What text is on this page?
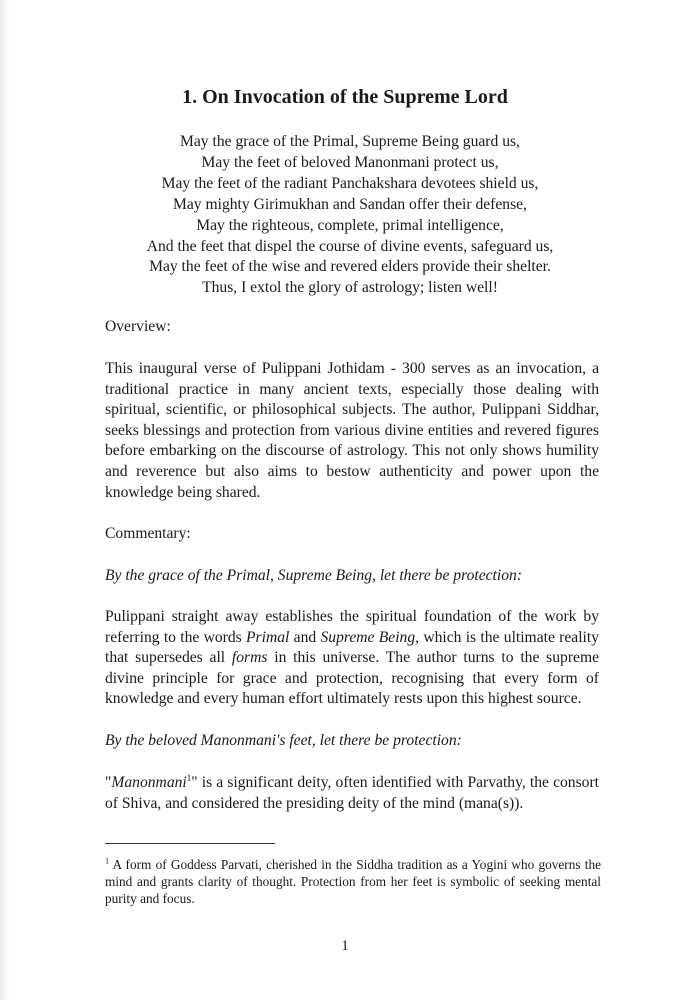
1. On Invocation of the Supreme Lord
May the grace of the Primal, Supreme Being guard us,
May the feet of beloved Manonmani protect us,
May the feet of the radiant Panchakshara devotees shield us,
May mighty Girimukhan and Sandan offer their defense,
May the righteous, complete, primal intelligence,
And the feet that dispel the course of divine events, safeguard us,
May the feet of the wise and revered elders provide their shelter.
Thus, I extol the glory of astrology; listen well!

Overview:

This inaugural verse of Pulippani Jothidam - 300 serves as an invocation, a traditional practice in many ancient texts, especially those dealing with spiritual, scientific, or philosophical subjects. The author, Pulippani Siddhar, seeks blessings and protection from various divine entities and revered figures before embarking on the discourse of astrology. This not only shows humility and reverence but also aims to bestow authenticity and power upon the knowledge being shared.

Commentary:

By the grace of the Primal, Supreme Being, let there be protection:

Pulippani straight away establishes the spiritual foundation of the work by referring to the words Primal and Supreme Being, which is the ultimate reality that supersedes all forms in this universe. The author turns to the supreme divine principle for grace and protection, recognising that every form of knowledge and every human effort ultimately rests upon this highest source.

By the beloved Manonmani's feet, let there be protection:

"Manonmani$^1$" is a significant deity, often identified with Parvathy, the consort of Shiva, and considered the presiding deity of the mind (mana(s)).

$^1$ A form of Goddess Parvati, cherished in the Siddha tradition as a Yogini who governs the mind and grants clarity of thought. Protection from her feet is symbolic of seeking mental purity and focus.

1
